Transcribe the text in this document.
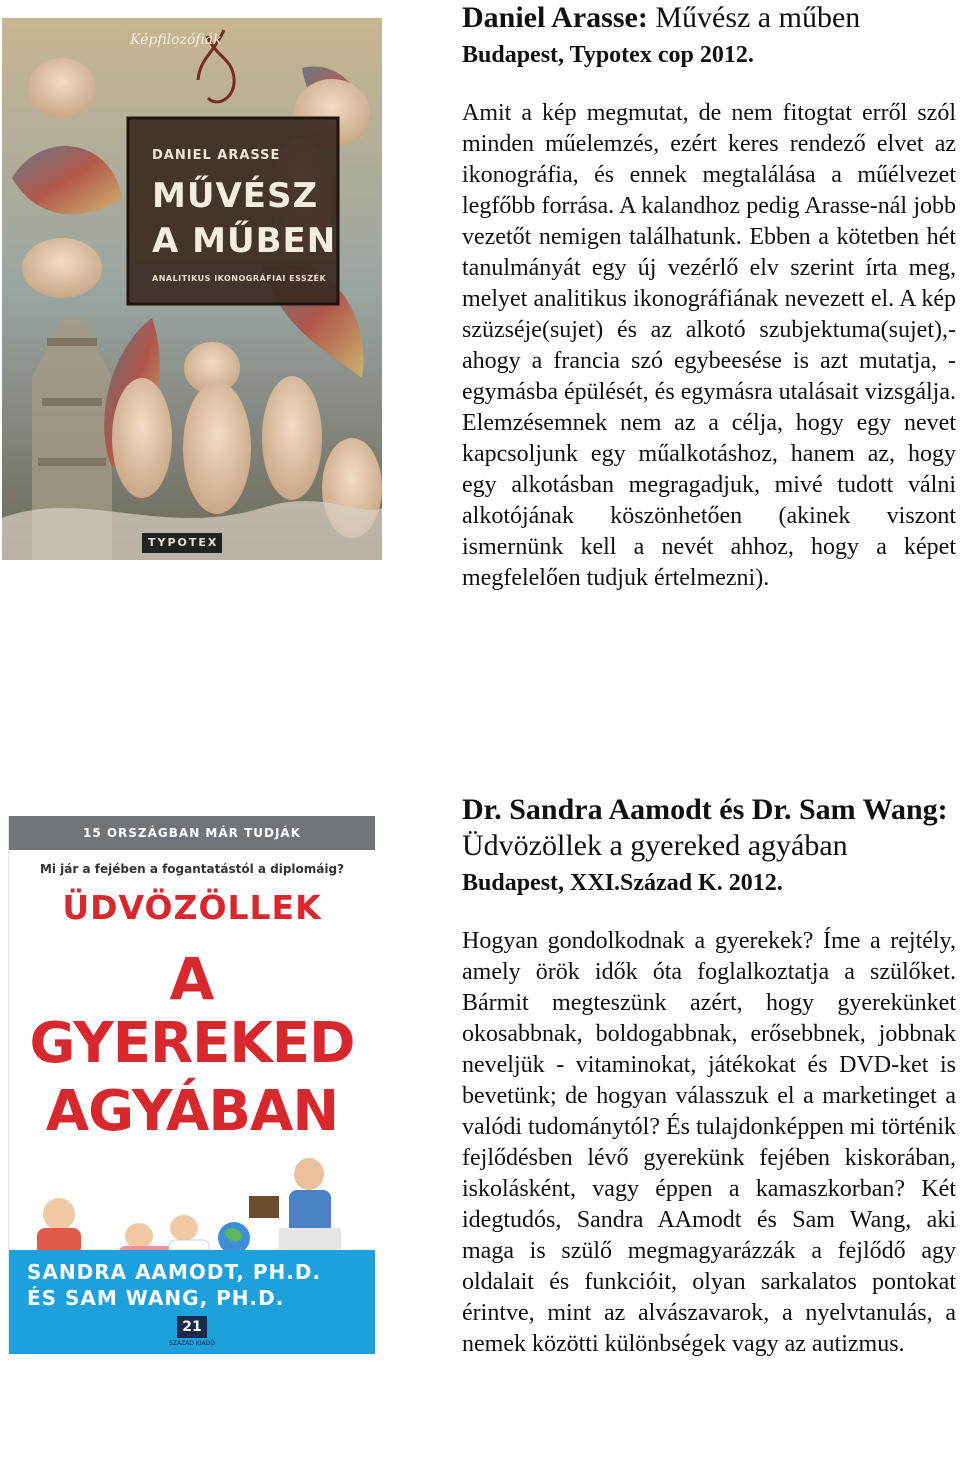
Képfilozófiák
DANIEL ARASSE
MŰVÉSZ
A MŰBEN
ANALITIKUS IKONOGRÁFIAI ESSZÉK
TYPOTEX
Daniel Arasse: Művész a műben

Budapest, Typotex cop 2012.

Amit a kép megmutat, de nem fitogtat erről szól minden műelemzés, ezért keres rendező elvet az ikonográfia, és ennek megtalálása a műélvezet legfőbb forrása. A kalandhoz pedig Arasse-nál jobb vezetőt nemigen találhatunk. Ebben a kötetben hét tanulmányát egy új vezérlő elv szerint írta meg, melyet analitikus ikonográfiának nevezett el. A kép szüzséje(sujet) és az alkotó szubjektuma(sujet),- ahogy a francia szó egybeesése is azt mutatja, - egymásba épülését, és egymásra utalásait vizsgálja. Elemzésemnek nem az a célja, hogy egy nevet kapcsoljunk egy műalkotáshoz, hanem az, hogy egy alkotásban megragadjuk, mivé tudott válni alkotójának köszönhetően (akinek viszont ismernünk kell a nevét ahhoz, hogy a képet megfelelően tudjuk értelmezni).

Dr. Sandra Aamodt és Dr. Sam Wang: Üdvözöllek a gyereked agyában

Budapest, XXI.Század K. 2012.

Hogyan gondolkodnak a gyerekek? Íme a rejtély, amely örök idők óta foglalkoztatja a szülőket. Bármit megteszünk azért, hogy gyerekünket okosabbnak, boldogabbnak, erősebbnek, jobbnak neveljük - vitaminokat, játékokat és DVD-ket is bevetünk; de hogyan válasszuk el a marketinget a valódi tudománytól? És tulajdonképpen mi történik fejlődésben lévő gyerekünk fejében kiskorában, iskolásként, vagy éppen a kamaszkorban? Két idegtudós, Sandra AAmodt és Sam Wang, aki maga is szülő megmagyarázzák a fejlődő agy oldalait és funkcióit, olyan sarkalatos pontokat érintve, mint az alvászavarok, a nyelvtanulás, a nemek közötti különbségek vagy az autizmus.

15 ORSZÁGBAN MÁR TUDJÁK
Mi jár a fejében a fogantatástól a diplomáig?
ÜDVÖZÖLLEK
A
GYEREKED
AGYÁBAN
SANDRA AAMODT, PH.D.
ÉS SAM WANG, PH.D.
21
SZÁZAD KIADÓ
